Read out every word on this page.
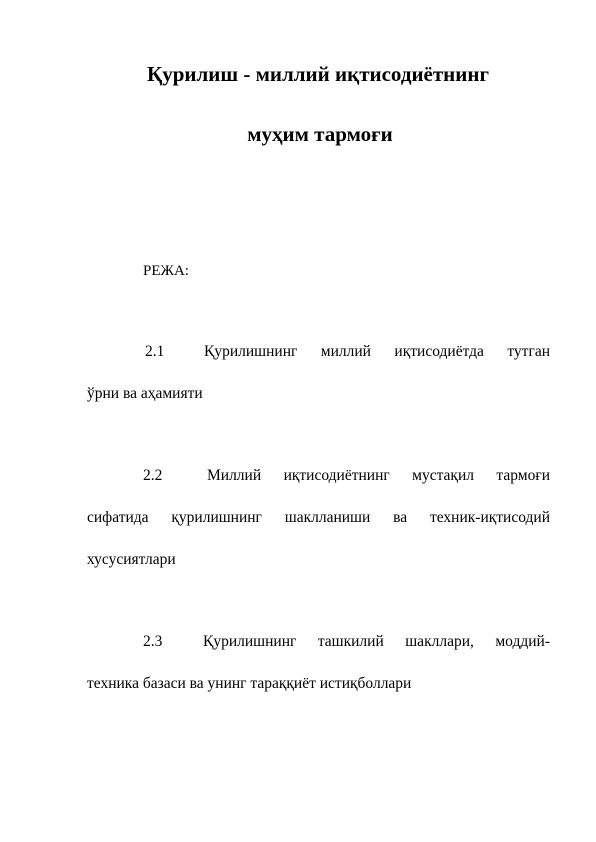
Қурилиш - миллий иқтисодиётнинг
муҳим тармоғи
РЕЖА:
2.1	Қурилишнинг миллий иқтисодиётда тутган
ўрни ва аҳамияти
2.2	Миллий иқтисодиётнинг мустақил тармоғи
сифатида қурилишнинг шаклланиши ва техник-иқтисодий
хусусиятлари
2.3	Қурилишнинг ташкилий шакллари, моддий-
техника базаси ва унинг тараққиёт истиқболлари
